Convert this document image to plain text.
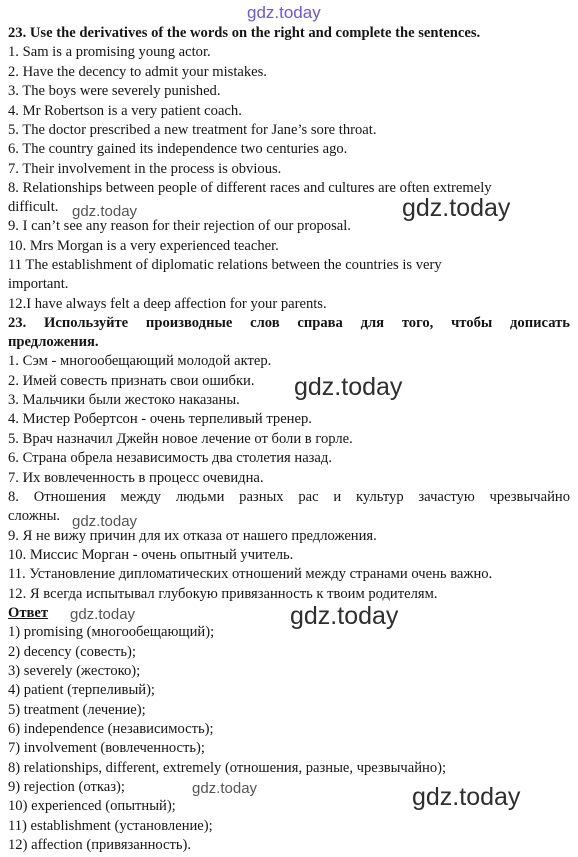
gdz.today
gdz.today	gdz.today
gdz.today
gdz.today
gdz.today
gdz.today
gdz.today	gdz.today
23. Use the derivatives of the words on the right and complete the sentences.
1. Sam is a promising young actor.
2. Have the decency to admit your mistakes.
3. The boys were severely punished.
4. Mr Robertson is a very patient coach.
5. The doctor prescribed a new treatment for Jane’s sore throat.
6. The country gained its independence two centuries ago.
7. Their involvement in the process is obvious.
8. Relationships between people of different races and cultures are often extremely
difficult.
9. I can’t see any reason for their rejection of our proposal.
10. Mrs Morgan is a very experienced teacher.
11 The establishment of diplomatic relations between the countries is very
important.
12.I have always felt a deep affection for your parents.
23. Используйте производные слов справа для того, чтобы дописать
предложения.
1. Сэм - многообещающий молодой актер.
2. Имей совесть признать свои ошибки.
3. Мальчики были жестоко наказаны.
4. Мистер Робертсон - очень терпеливый тренер.
5. Врач назначил Джейн новое лечение от боли в горле.
6. Страна обрела независимость два столетия назад.
7. Их вовлеченность в процесс очевидна.
8. Отношения между людьми разных рас и культур зачастую чрезвычайно
сложны.
9. Я не вижу причин для их отказа от нашего предложения.
10. Миссис Морган - очень опытный учитель.
11. Установление дипломатических отношений между странами очень важно.
12. Я всегда испытывал глубокую привязанность к твоим родителям.
Ответ
1) promising (многообещающий);
2) decency (совесть);
3) severely (жестоко);
4) patient (терпеливый);
5) treatment (лечение);
6) independence (независимость);
7) involvement (вовлеченность);
8) relationships, different, extremely (отношения, разные, чрезвычайно);
9) rejection (отказ);
10) experienced (опытный);
11) establishment (установление);
12) affection (привязанность).
